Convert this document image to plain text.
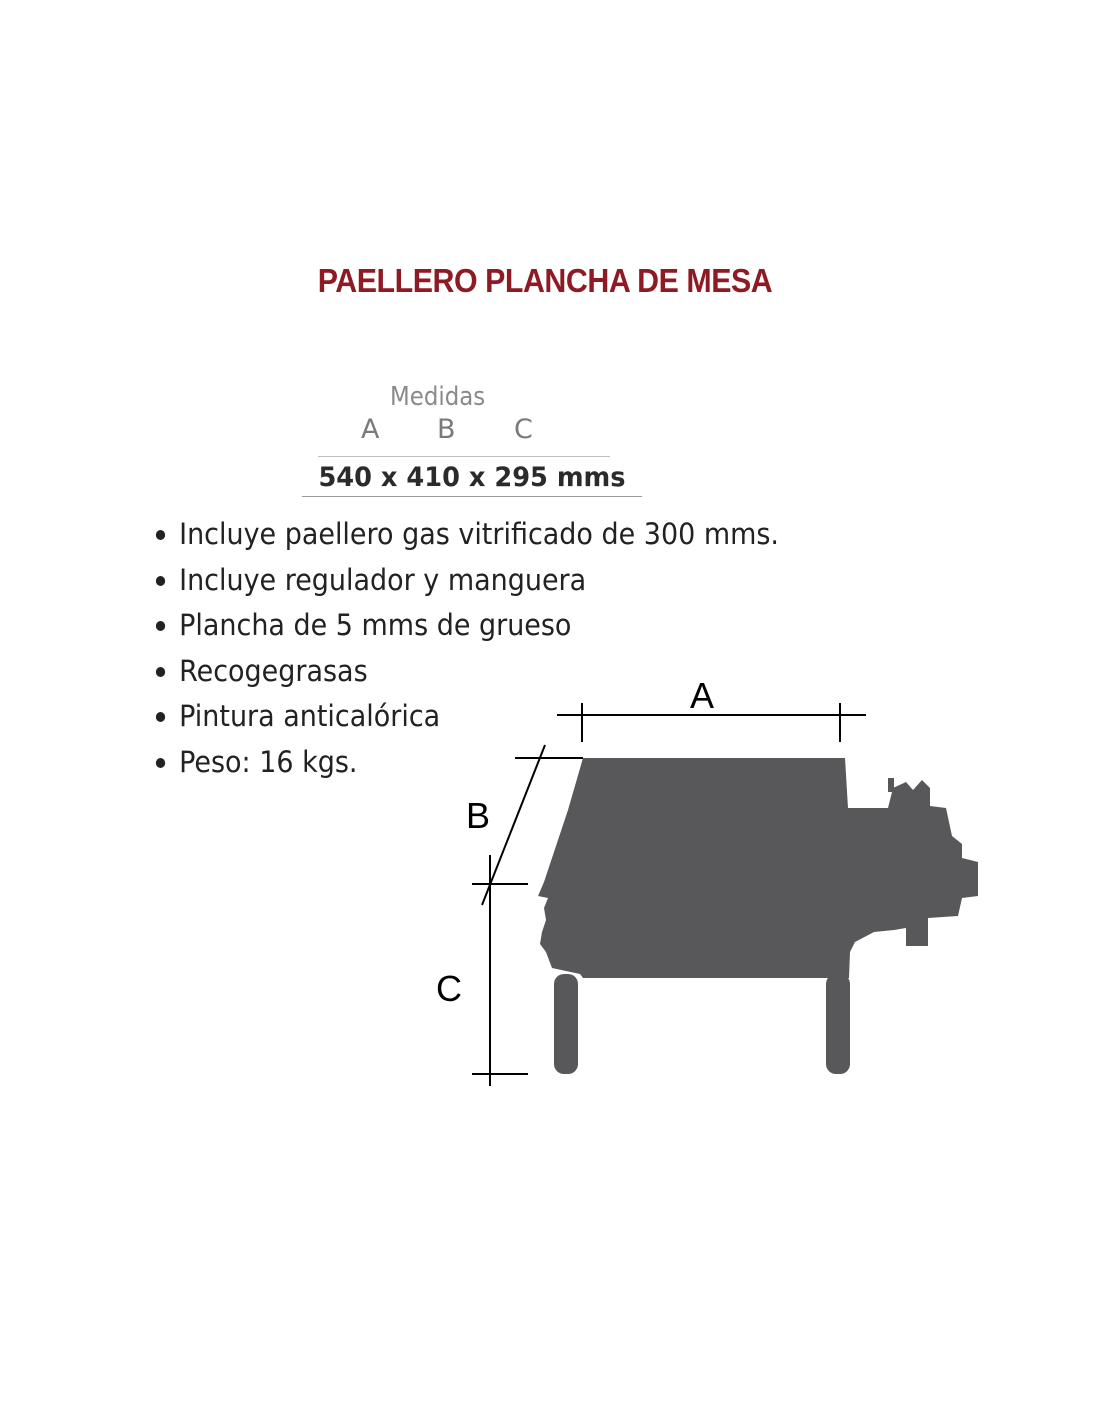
PAELLERO PLANCHA DE MESA
Medidas
A B C
540 x 410 x 295 mms
Incluye paellero gas vitrificado de 300 mms.
Incluye regulador y manguera
Plancha de 5 mms de grueso
Recogegrasas
Pintura anticalórica
Peso: 16 kgs.
A
B
C
